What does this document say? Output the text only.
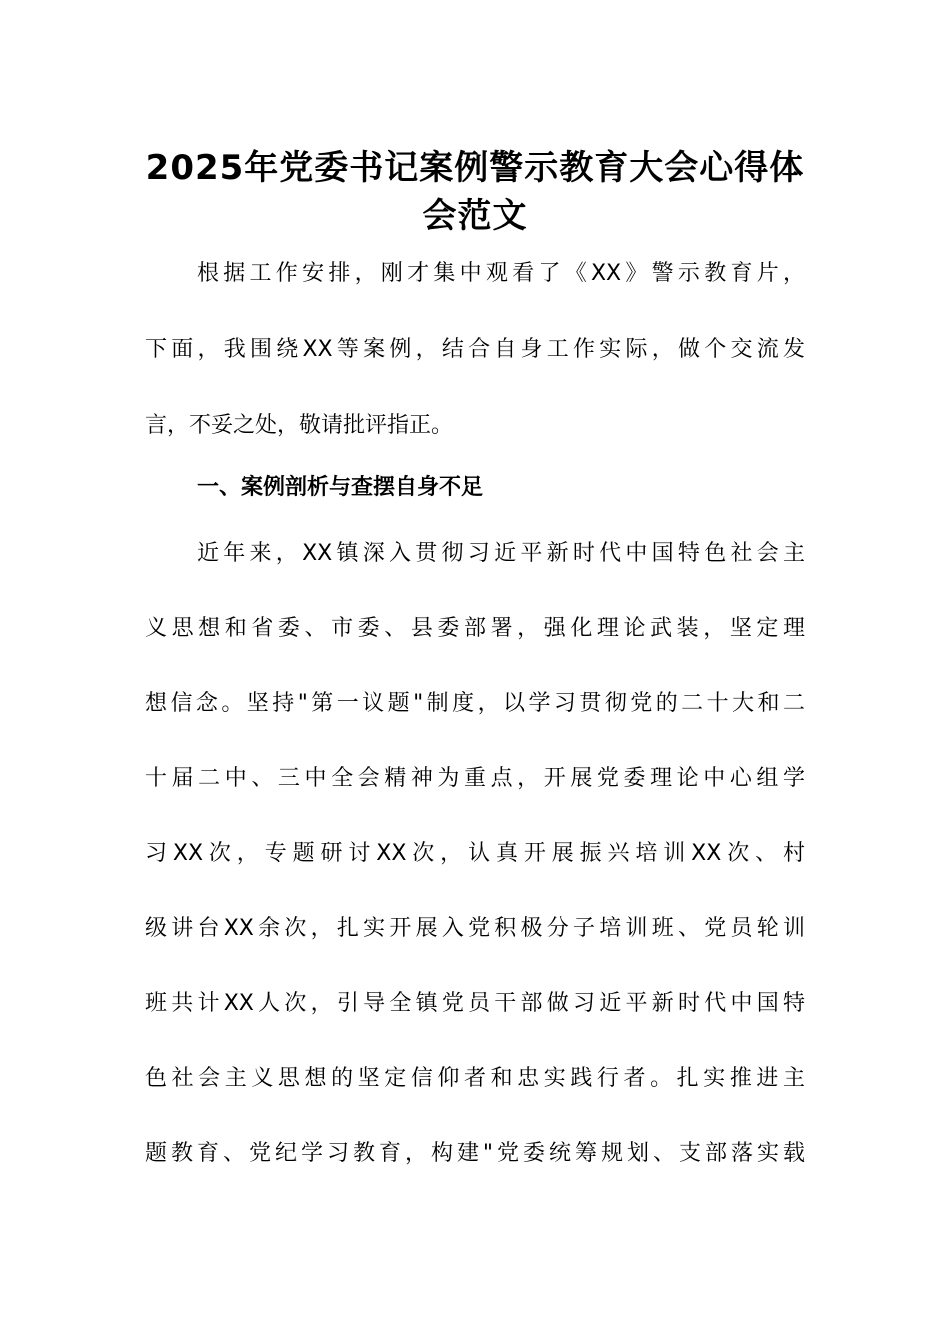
2025年党委书记案例警示教育大会心得体
会范文
根据工作安排，刚才集中观看了《XX》警示教育片，
下面，我围绕XX等案例，结合自身工作实际，做个交流发
言，不妥之处，敬请批评指正。
一、案例剖析与查摆自身不足
近年来，XX镇深入贯彻习近平新时代中国特色社会主
义思想和省委、市委、县委部署，强化理论武装，坚定理
想信念。坚持"第一议题"制度，以学习贯彻党的二十大和二
十届二中、三中全会精神为重点，开展党委理论中心组学
习XX次，专题研讨XX次，认真开展振兴培训XX次、村
级讲台XX余次，扎实开展入党积极分子培训班、党员轮训
班共计XX人次，引导全镇党员干部做习近平新时代中国特
色社会主义思想的坚定信仰者和忠实践行者。扎实推进主
题教育、党纪学习教育，构建"党委统筹规划、支部落实载
